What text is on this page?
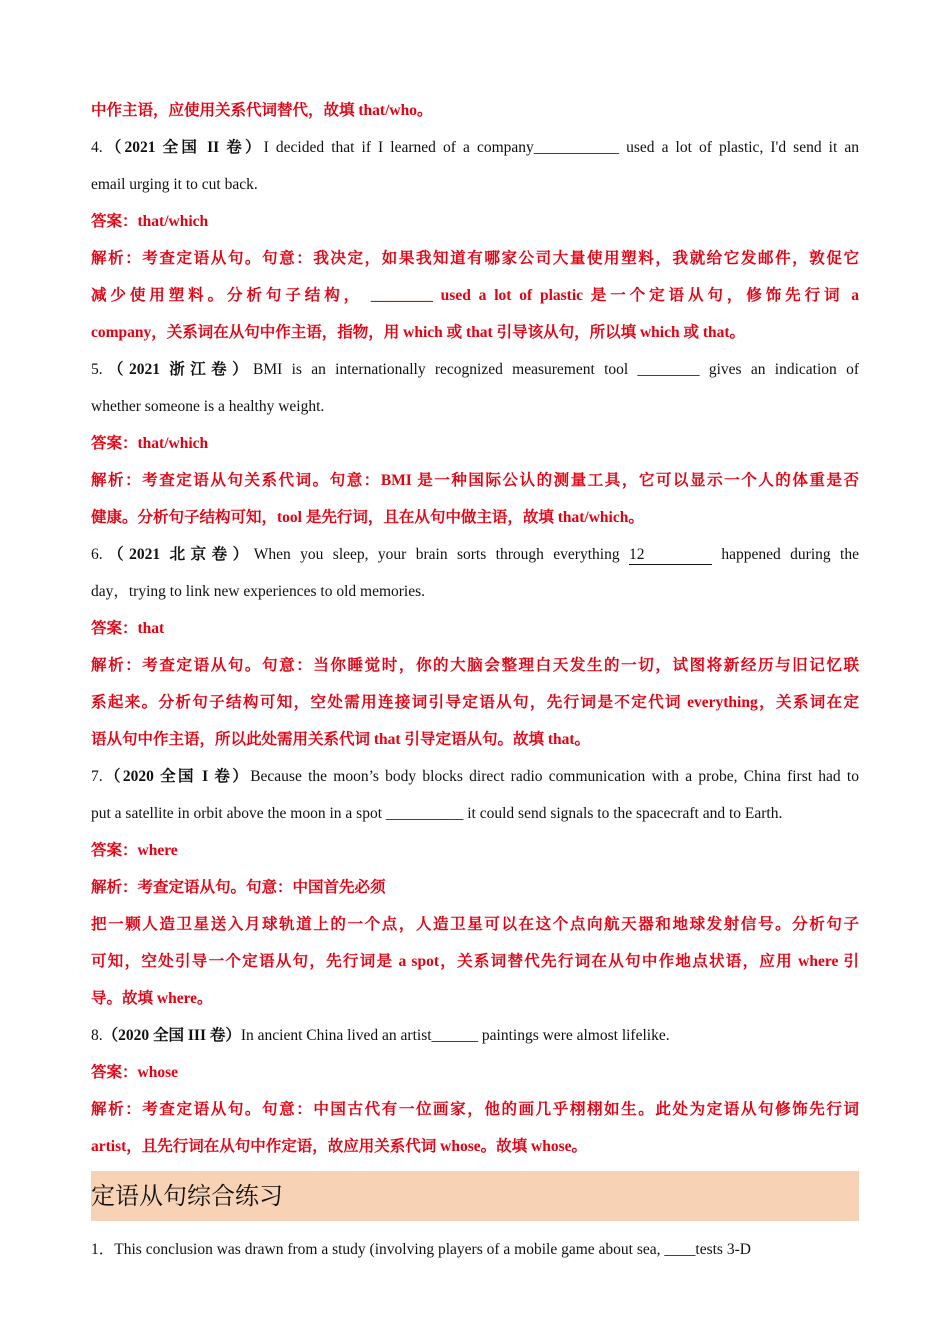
中作主语，应使用关系代词替代，故填 that/who。
4.（2021 全国 II 卷）I decided that if I learned of a company___________ used a lot of plastic, I'd send it an
email urging it to cut back.
答案：that/which
解析：考查定语从句。句意：我决定，如果我知道有哪家公司大量使用塑料，我就给它发邮件，敦促它
减少使用塑料。分析句子结构， ________ used a lot of plastic 是一个定语从句，修饰先行词 a
company，关系词在从句中作主语，指物，用 which 或 that 引导该从句，所以填 which 或 that。
5.（2021 浙江卷）BMI is an internationally recognized measurement tool ________ gives an indication of
whether someone is a healthy weight.
答案：that/which
解析：考查定语从句关系代词。句意：BMI 是一种国际公认的测量工具，它可以显示一个人的体重是否
健康。分析句子结构可知，tool 是先行词，且在从句中做主语，故填 that/which。
6.（2021 北京卷）When you sleep, your brain sorts through everything 12	happened during the
day，trying to link new experiences to old memories.
答案：that
解析：考查定语从句。句意：当你睡觉时，你的大脑会整理白天发生的一切，试图将新经历与旧记忆联
系起来。分析句子结构可知，空处需用连接词引导定语从句，先行词是不定代词 everything，关系词在定
语从句中作主语，所以此处需用关系代词 that 引导定语从句。故填 that。
7.（2020 全国 I 卷）Because the moon’s body blocks direct radio communication with a probe, China first had to
put a satellite in orbit above the moon in a spot __________ it could send signals to the spacecraft and to Earth.
答案：where
解析：考查定语从句。句意：中国首先必须
把一颗人造卫星送入月球轨道上的一个点，人造卫星可以在这个点向航天器和地球发射信号。分析句子
可知，空处引导一个定语从句，先行词是 a spot，关系词替代先行词在从句中作地点状语，应用 where 引
导。故填 where。
8.（2020 全国 III 卷）In ancient China lived an artist______ paintings were almost lifelike.
答案：whose
解析：考查定语从句。句意：中国古代有一位画家，他的画几乎栩栩如生。此处为定语从句修饰先行词
artist，且先行词在从句中作定语，故应用关系代词 whose。故填 whose。
定语从句综合练习
1．This conclusion was drawn from a study (involving players of a mobile game about sea, ____tests 3-D
